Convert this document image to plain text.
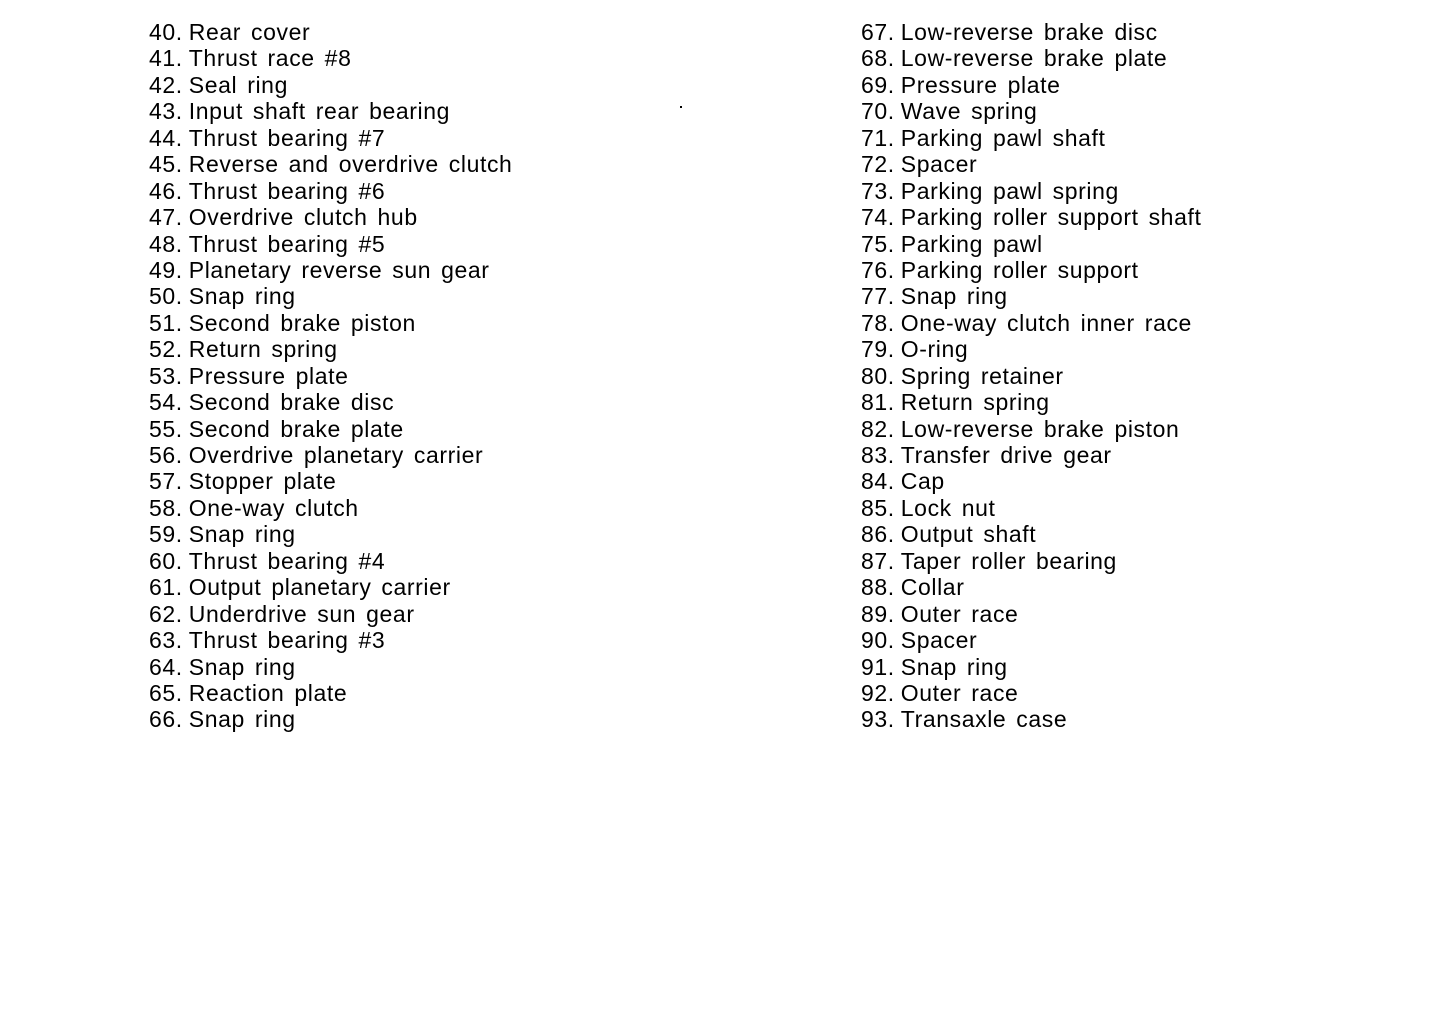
40. Rear cover
41. Thrust race #8
42. Seal ring
43. Input shaft rear bearing
44. Thrust bearing #7
45. Reverse and overdrive clutch
46. Thrust bearing #6
47. Overdrive clutch hub
48. Thrust bearing #5
49. Planetary reverse sun gear
50. Snap ring
51. Second brake piston
52. Return spring
53. Pressure plate
54. Second brake disc
55. Second brake plate
56. Overdrive planetary carrier
57. Stopper plate
58. One-way clutch
59. Snap ring
60. Thrust bearing #4
61. Output planetary carrier
62. Underdrive sun gear
63. Thrust bearing #3
64. Snap ring
65. Reaction plate
66. Snap ring
67. Low-reverse brake disc
68. Low-reverse brake plate
69. Pressure plate
70. Wave spring
71. Parking pawl shaft
72. Spacer
73. Parking pawl spring
74. Parking roller support shaft
75. Parking pawl
76. Parking roller support
77. Snap ring
78. One-way clutch inner race
79. O-ring
80. Spring retainer
81. Return spring
82. Low-reverse brake piston
83. Transfer drive gear
84. Cap
85. Lock nut
86. Output shaft
87. Taper roller bearing
88. Collar
89. Outer race
90. Spacer
91. Snap ring
92. Outer race
93. Transaxle case
